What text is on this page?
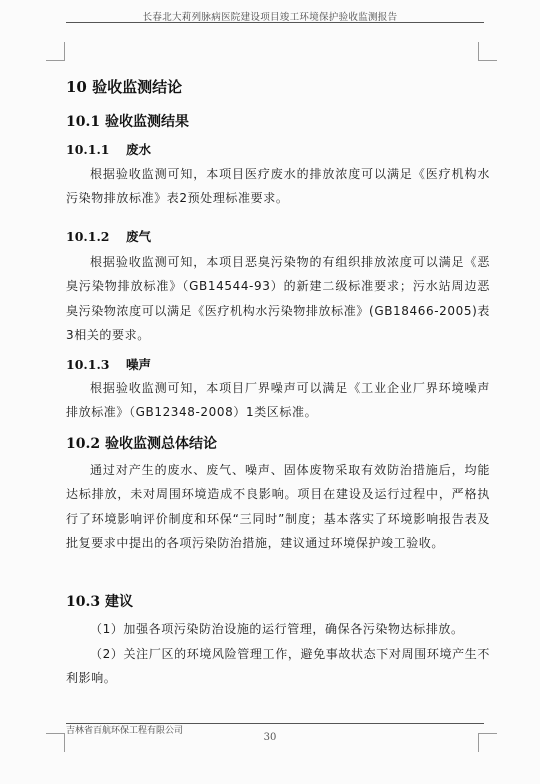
长春北大莉列脉病医院建设项目竣工环境保护验收监测报告
10 验收监测结论
10.1 验收监测结果
10.1.1 废水

根据验收监测可知，本项目医疗废水的排放浓度可以满足《医疗机构水污染物排放标准》表2预处理标准要求。

10.1.2 废气

根据验收监测可知，本项目恶臭污染物的有组织排放浓度可以满足《恶臭污染物排放标准》（GB14544-93）的新建二级标准要求；污水站周边恶臭污染物浓度可以满足《医疗机构水污染物排放标准》(GB18466-2005)表3相关的要求。

10.1.3 噪声

根据验收监测可知，本项目厂界噪声可以满足《工业企业厂界环境噪声排放标准》（GB12348-2008）1类区标准。

10.2 验收监测总体结论

通过对产生的废水、废气、噪声、固体废物采取有效防治措施后，均能达标排放，未对周围环境造成不良影响。项目在建设及运行过程中，严格执行了环境影响评价制度和环保“三同时”制度；基本落实了环境影响报告表及批复要求中提出的各项污染防治措施，建议通过环境保护竣工验收。

10.3 建议

（1）加强各项污染防治设施的运行管理，确保各污染物达标排放。

（2）关注厂区的环境风险管理工作，避免事故状态下对周围环境产生不利影响。

吉林省百航环保工程有限公司
30
